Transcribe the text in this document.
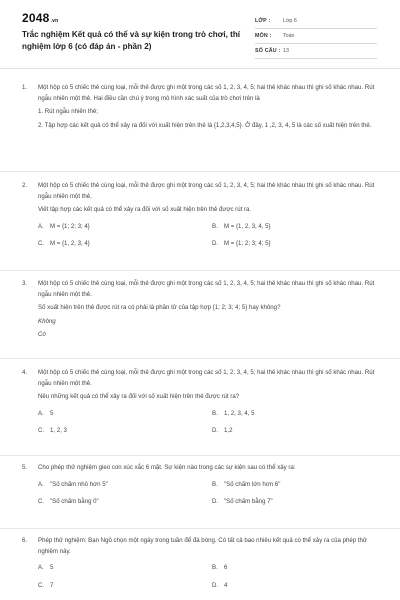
2048.vn
Trắc nghiệm Kết quả có thể và sự kiện trong trò chơi, thí nghiệm lớp 6 (có đáp án - phần 2)
LỚP :	Lớp 6
MÔN :	Toán
SỐ CÂU : 13
1. Một hộp có 5 chiếc thẻ cùng loại, mỗi thẻ được ghi một trong các số 1, 2, 3, 4, 5; hai thẻ khác nhau thì ghi số khác nhau. Rút ngẫu nhiên một thẻ. Hai điều cần chú ý trong mô hình xác suất của trò chơi trên là

1. Rút ngẫu nhiên thẻ;

2. Tập hợp các kết quả có thể xảy ra đối với xuất hiện trên thẻ là {1,2,3,4,5}. Ở đây, 1 ,2, 3, 4, 5 là các số xuất hiện trên thẻ.

2. Một hộp có 5 chiếc thẻ cùng loại, mỗi thẻ được ghi một trong các số 1, 2, 3, 4, 5; hai thẻ khác nhau thì ghi số khác nhau. Rút ngẫu nhiên một thẻ.

Viết tập hợp các kết quả có thể xảy ra đối với số xuất hiện trên thẻ được rút ra.

A.	M = {1; 2; 3; 4}	B.	M = {1, 2, 3, 4, 5}
C. M = {1, 2, 3, 4}	D. M = {1; 2; 3; 4; 5}
3. Một hộp có 5 chiếc thẻ cùng loại, mỗi thẻ được ghi một trong các số 1, 2, 3, 4, 5; hai thẻ khác nhau thì ghi số khác nhau. Rút ngẫu nhiên một thẻ.

Số xuất hiện trên thẻ được rút ra có phải là phần tử của tập hợp {1; 2; 3; 4; 5} hay không?

Không

Có

4. Một hộp có 5 chiếc thẻ cùng loại, mỗi thẻ được ghi một trong các số 1, 2, 3, 4, 5; hai thẻ khác nhau thì ghi số khác nhau. Rút ngẫu nhiên một thẻ.

Nêu những kết quả có thể xảy ra đối với số xuất hiện trên thẻ được rút ra?

A.	5	B.	1, 2, 3, 4, 5
C. 1, 2, 3	D. 1,2
5. Cho phép thử nghiệm gieo con xúc xắc 6 mặt. Sự kiện nào trong các sự kiện sau có thể xảy ra:

A.	"Số chấm nhỏ hơn 5"	B.	"Số chấm lớn hơn 6"
C. "Số chấm bằng 0"	D. "Số chấm bằng 7"
6. Phép thử nghiệm: Bạn Ngô chọn một ngày trong tuần để đá bóng. Có tất cả bao nhiêu kết quả có thể xảy ra của phép thử nghiệm này.

A.	5	B.	6
C. 7	D. 4
